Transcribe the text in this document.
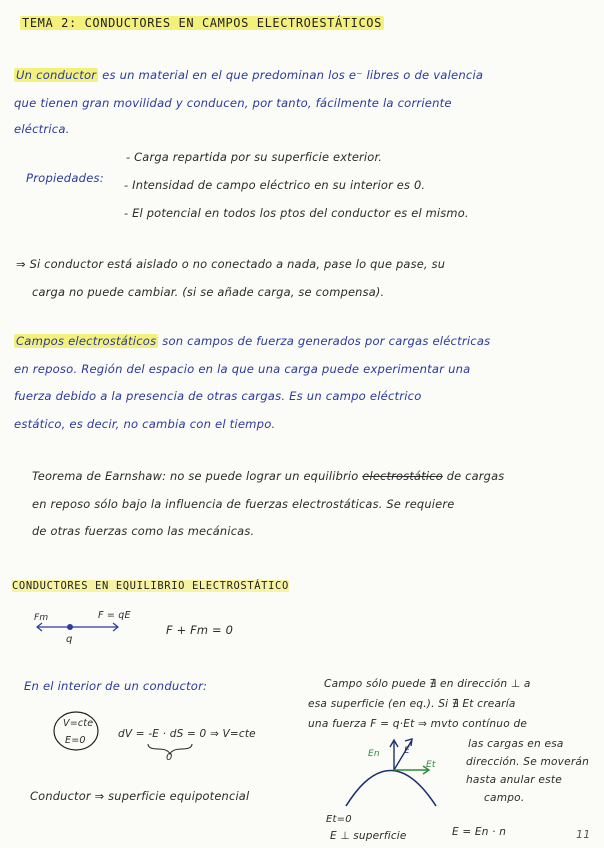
TEMA 2: CONDUCTORES EN CAMPOS ELECTROESTÁTICOS
Un conductor es un material en el que predominan los e⁻ libres o de valencia
que tienen gran movilidad y conducen, por tanto, fácilmente la corriente
eléctrica.
Propiedades:
- Carga repartida por su superficie exterior.
- Intensidad de campo eléctrico en su interior es 0.
- El potencial en todos los ptos del conductor es el mismo.
⇒ Si conductor está aislado o no conectado a nada, pase lo que pase, su
carga no puede cambiar. (si se añade carga, se compensa).
Campos electrostáticos son campos de fuerza generados por cargas eléctricas
en reposo. Región del espacio en la que una carga puede experimentar una
fuerza debido a la presencia de otras cargas. Es un campo eléctrico
estático, es decir, no cambia con el tiempo.
Teorema de Earnshaw: no se puede lograr un equilibrio electrostático de cargas
en reposo sólo bajo la influencia de fuerzas electrostáticas. Se requiere
de otras fuerzas como las mecánicas.
CONDUCTORES EN EQUILIBRIO ELECTROSTÁTICO
Fm	F = qE
q
F + Fm = 0
En el interior de un conductor:
V=cte
E=0
dV = -E · dS = 0 ⇒ V=cte
0
Conductor ⇒ superficie equipotencial
Campo sólo puede ∄ en dirección ⊥ a
esa superficie (en eq.). Si ∄ Et crearía
una fuerza F = q·Et ⇒ mvto contínuo de
las cargas en esa
dirección. Se moverán
hasta anular este
campo.
En	E
Et
Et=0
E ⊥ superficie	E = En · n	11
